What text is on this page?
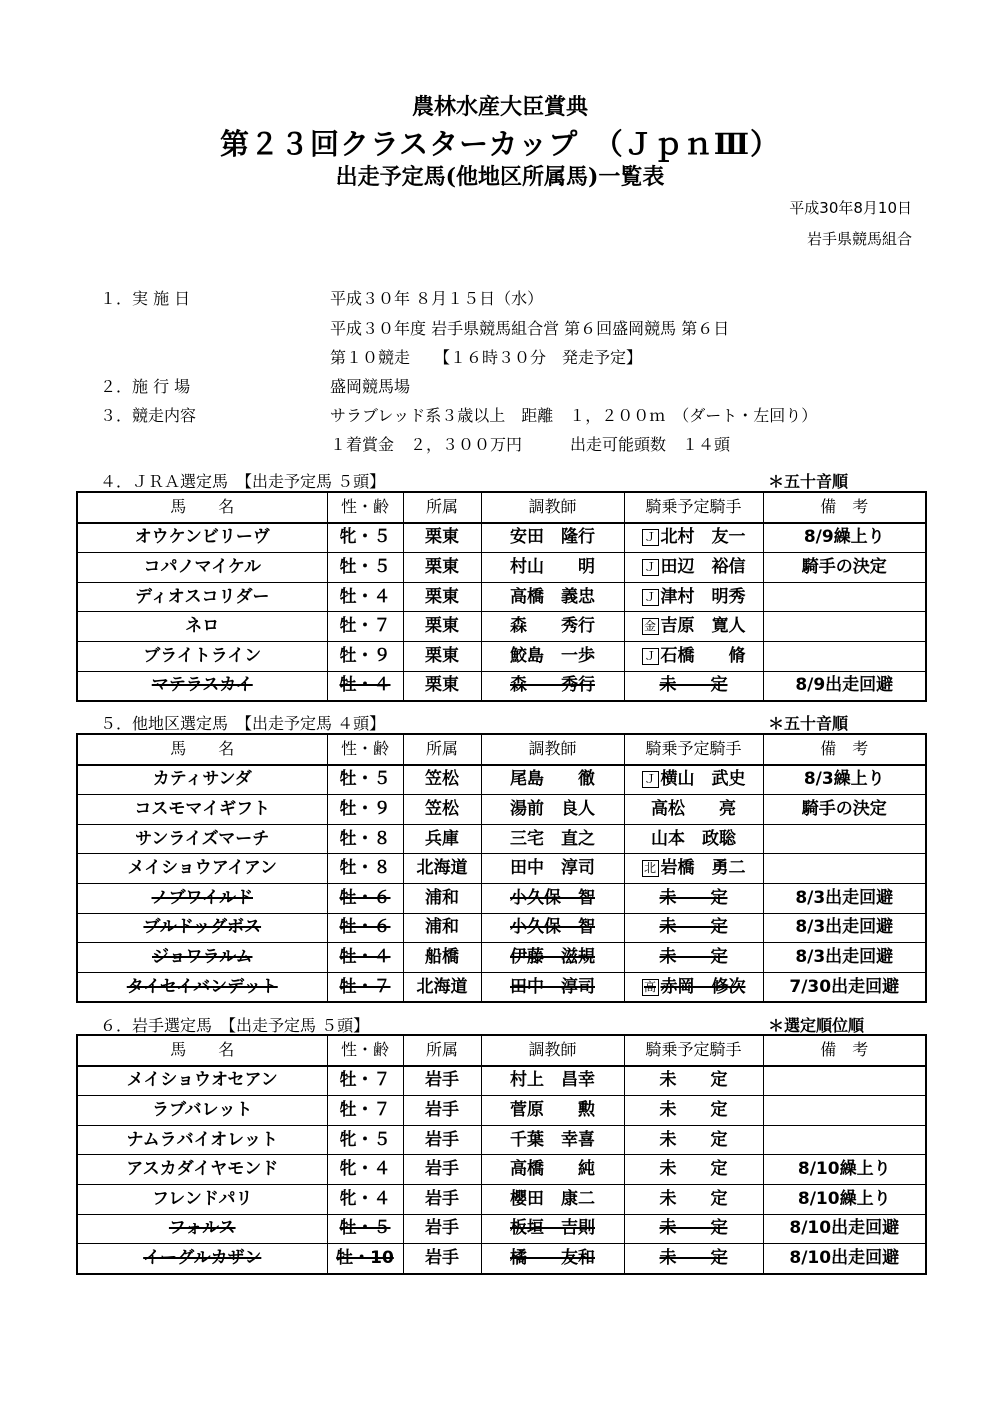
農林水産大臣賞典
第２３回クラスターカップ　（ＪｐｎⅢ）
出走予定馬(他地区所属馬)一覧表
平成30年8月10日
岩手県競馬組合
１．実 施 日	平成３０年 ８月１５日（水）
平成３０年度 岩手県競馬組合営 第６回盛岡競馬 第６日
第１０競走　　【１６時３０分　発走予定】
２．施 行 場	盛岡競馬場
３．競走内容	サラブレッド系３歳以上　距離　１，２００ｍ　（ダート・左回り）
１着賞金　２，３００万円　　　出走可能頭数　１４頭
４．ＪＲＡ選定馬　【出走予定馬 ５頭】	＊五十音順
馬　　名	性・齢	所属	調教師	騎乗予定騎手	備　考
オウケンビリーヴ	牝・５	栗東	安田　隆行	Ｊ 北村　友一	8/9繰上り
コパノマイケル	牡・５	栗東	村山　　明	Ｊ 田辺　裕信	騎手の決定
ディオスコリダー	牡・４	栗東	高橋　義忠	Ｊ 津村　明秀	
ネロ	牡・７	栗東	森　　秀行	金 吉原　寛人	
ブライトライン	牡・９	栗東	鮫島　一歩	Ｊ 石橋　　脩	
マテラスカイ	牡・４	栗東	森　　秀行	未　　定	8/9出走回避
５．他地区選定馬　【出走予定馬 ４頭】	＊五十音順
馬　　名	性・齢	所属	調教師	騎乗予定騎手	備　考
カティサンダ	牡・５	笠松	尾島　　徹	Ｊ 横山　武史	8/3繰上り
コスモマイギフト	牡・９	笠松	湯前　良人	高松　　亮	騎手の決定
サンライズマーチ	牡・８	兵庫	三宅　直之	山本　政聡	
メイショウアイアン	牡・８	北海道	田中　淳司	北 岩橋　勇二	
ノブワイルド	牡・６	浦和	小久保　智	未　　定	8/3出走回避
ブルドッグボス	牡・６	浦和	小久保　智	未　　定	8/3出走回避
ジョワラルム	牡・４	船橋	伊藤　滋規	未　　定	8/3出走回避
タイセイバンデット	牡・７	北海道	田中　淳司	高 赤岡　修次	7/30出走回避
６．岩手選定馬　【出走予定馬 ５頭】	＊選定順位順
馬　　名	性・齢	所属	調教師	騎乗予定騎手	備　考
メイショウオセアン	牡・７	岩手	村上　昌幸	未　　定	
ラブバレット	牡・７	岩手	菅原　　勲	未　　定	
ナムラバイオレット	牝・５	岩手	千葉　幸喜	未　　定	
アスカダイヤモンド	牝・４	岩手	高橋　　純	未　　定	8/10繰上り
フレンドパリ	牝・４	岩手	櫻田　康二	未　　定	8/10繰上り
フォルス	牡・５	岩手	板垣　吉則	未　　定	8/10出走回避
イーグルカザン	牡・10	岩手	橘　　友和	未　　定	8/10出走回避
